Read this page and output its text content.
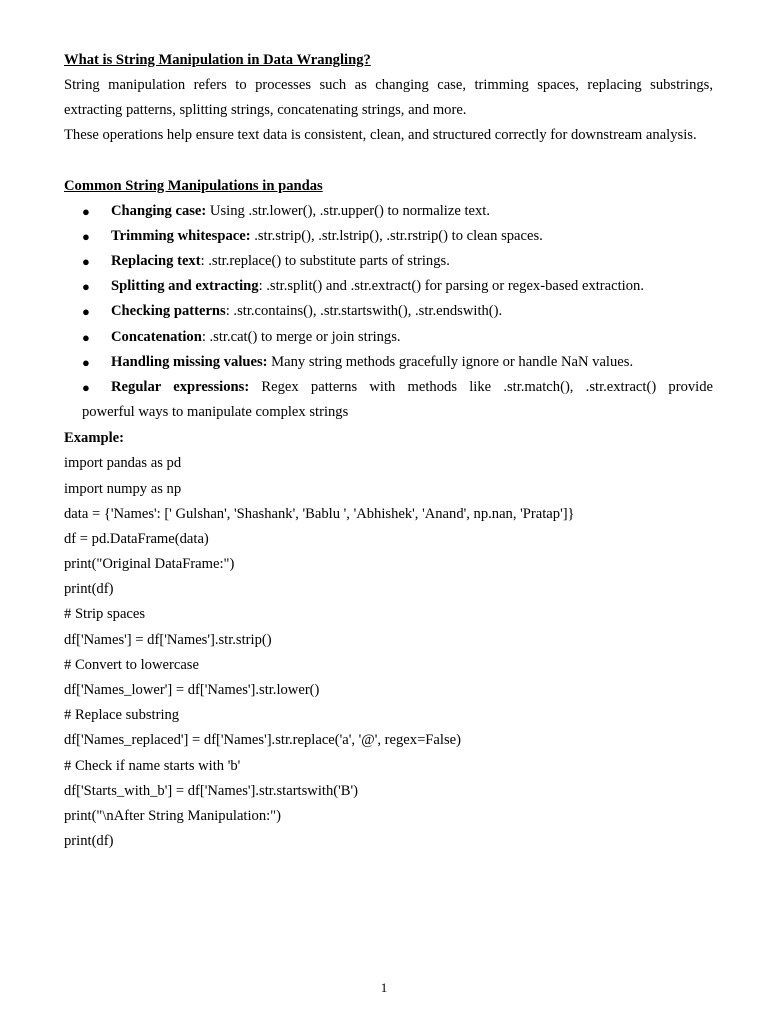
What is String Manipulation in Data Wrangling?

String manipulation refers to processes such as changing case, trimming spaces, replacing substrings, extracting patterns, splitting strings, concatenating strings, and more.

These operations help ensure text data is consistent, clean, and structured correctly for downstream analysis.

Common String Manipulations in pandas

● Changing case: Using .str.lower(), .str.upper() to normalize text.
● Trimming whitespace: .str.strip(), .str.lstrip(), .str.rstrip() to clean spaces.
● Replacing text: .str.replace() to substitute parts of strings.
● Splitting and extracting: .str.split() and .str.extract() for parsing or regex-based extraction.
● Checking patterns: .str.contains(), .str.startswith(), .str.endswith().
● Concatenation: .str.cat() to merge or join strings.
● Handling missing values: Many string methods gracefully ignore or handle NaN values.
● Regular expressions: Regex patterns with methods like .str.match(), .str.extract() provide
powerful ways to manipulate complex strings
Example:
import pandas as pd
import numpy as np
data = {'Names': [' Gulshan', 'Shashank', 'Bablu ', 'Abhishek', 'Anand', np.nan, 'Pratap']}
df = pd.DataFrame(data)
print("Original DataFrame:")
print(df)
# Strip spaces
df['Names'] = df['Names'].str.strip()
# Convert to lowercase
df['Names_lower'] = df['Names'].str.lower()
# Replace substring
df['Names_replaced'] = df['Names'].str.replace('a', '@', regex=False)
# Check if name starts with 'b'
df['Starts_with_b'] = df['Names'].str.startswith('B')
print("\nAfter String Manipulation:")
print(df)
1
